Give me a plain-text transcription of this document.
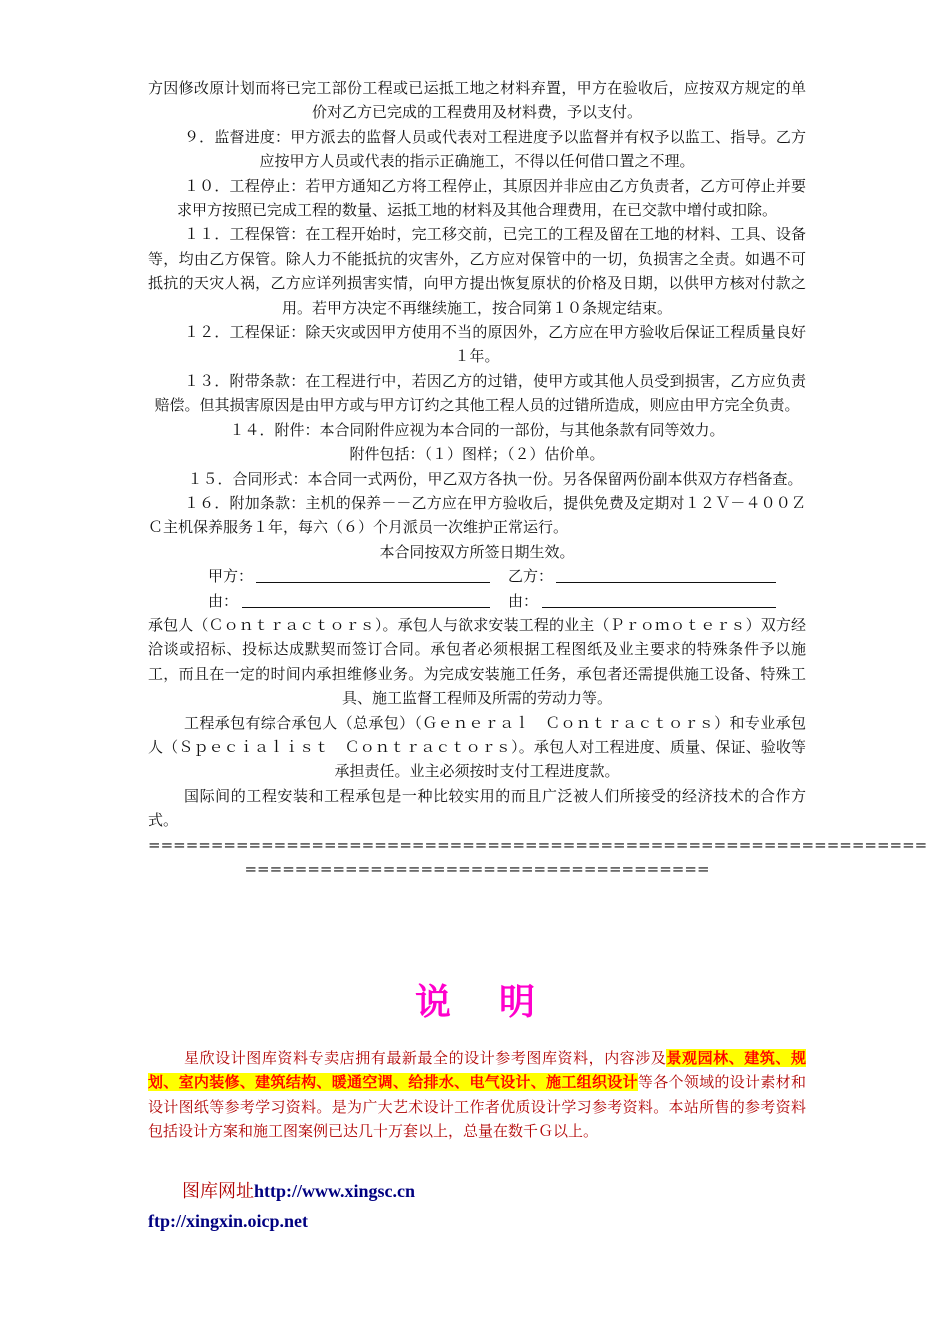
方因修改原计划而将已完工部份工程或已运抵工地之材料弃置，甲方在验收后，应按双方规定的单价对乙方已完成的工程费用及材料费，予以支付。

９．监督进度：甲方派去的监督人员或代表对工程进度予以监督并有权予以监工、指导。乙方应按甲方人员或代表的指示正确施工，不得以任何借口置之不理。

１０．工程停止：若甲方通知乙方将工程停止，其原因并非应由乙方负责者，乙方可停止并要求甲方按照已完成工程的数量、运抵工地的材料及其他合理费用，在已交款中增付或扣除。

１１．工程保管：在工程开始时，完工移交前，已完工的工程及留在工地的材料、工具、设备等，均由乙方保管。除人力不能抵抗的灾害外，乙方应对保管中的一切，负损害之全责。如遇不可抵抗的天灾人祸，乙方应详列损害实情，向甲方提出恢复原状的价格及日期，以供甲方核对付款之用。若甲方决定不再继续施工，按合同第１０条规定结束。

１２．工程保证：除天灾或因甲方使用不当的原因外，乙方应在甲方验收后保证工程质量良好１年。

１３．附带条款：在工程进行中，若因乙方的过错，使甲方或其他人员受到损害，乙方应负责赔偿。但其损害原因是由甲方或与甲方订约之其他工程人员的过错所造成，则应由甲方完全负责。

１４．附件：本合同附件应视为本合同的一部份，与其他条款有同等效力。

附件包括：（１）图样；（２）估价单。

１５．合同形式：本合同一式两份，甲乙双方各执一份。另各保留两份副本供双方存档备查。

１６．附加条款：主机的保养－－乙方应在甲方验收后，提供免费及定期对１２Ｖ－４００ＺＣ主机保养服务１年，每六（６）个月派员一次维护正常运行。

本合同按双方所签日期生效。

甲方：	乙方：
由：	由：

承包人（Ｃｏｎｔｒａｃｔｏｒｓ）。承包人与欲求安装工程的业主（Ｐｒｏｍｏｔｅｒｓ）双方经洽谈或招标、投标达成默契而签订合同。承包者必须根据工程图纸及业主要求的特殊条件予以施工，而且在一定的时间内承担维修业务。为完成安装施工任务，承包者还需提供施工设备、特殊工具、施工监督工程师及所需的劳动力等。

工程承包有综合承包人（总承包）（Ｇｅｎｅｒａｌ　Ｃｏｎｔｒａｃｔｏｒｓ）和专业承包人（Ｓｐｅｃｉａｌｉｓｔ　Ｃｏｎｔｒａｃｔｏｒｓ）。承包人对工程进度、质量、保证、验收等承担责任。业主必须按时支付工程进度款。

国际间的工程安装和工程承包是一种比较实用的而且广泛被人们所接受的经济技术的合作方式。

==============================================================

=====================================

说明
星欣设计图库资料专卖店拥有最新最全的设计参考图库资料，内容涉及景观园林、建筑、规划、室内装修、建筑结构、暖通空调、给排水、电气设计、施工组织设计等各个领域的设计素材和设计图纸等参考学习资料。是为广大艺术设计工作者优质设计学习参考资料。本站所售的参考资料包括设计方案和施工图案例已达几十万套以上，总量在数千Ｇ以上。
图库网址http://www.xingsc.cn
ftp://xingxin.oicp.net
